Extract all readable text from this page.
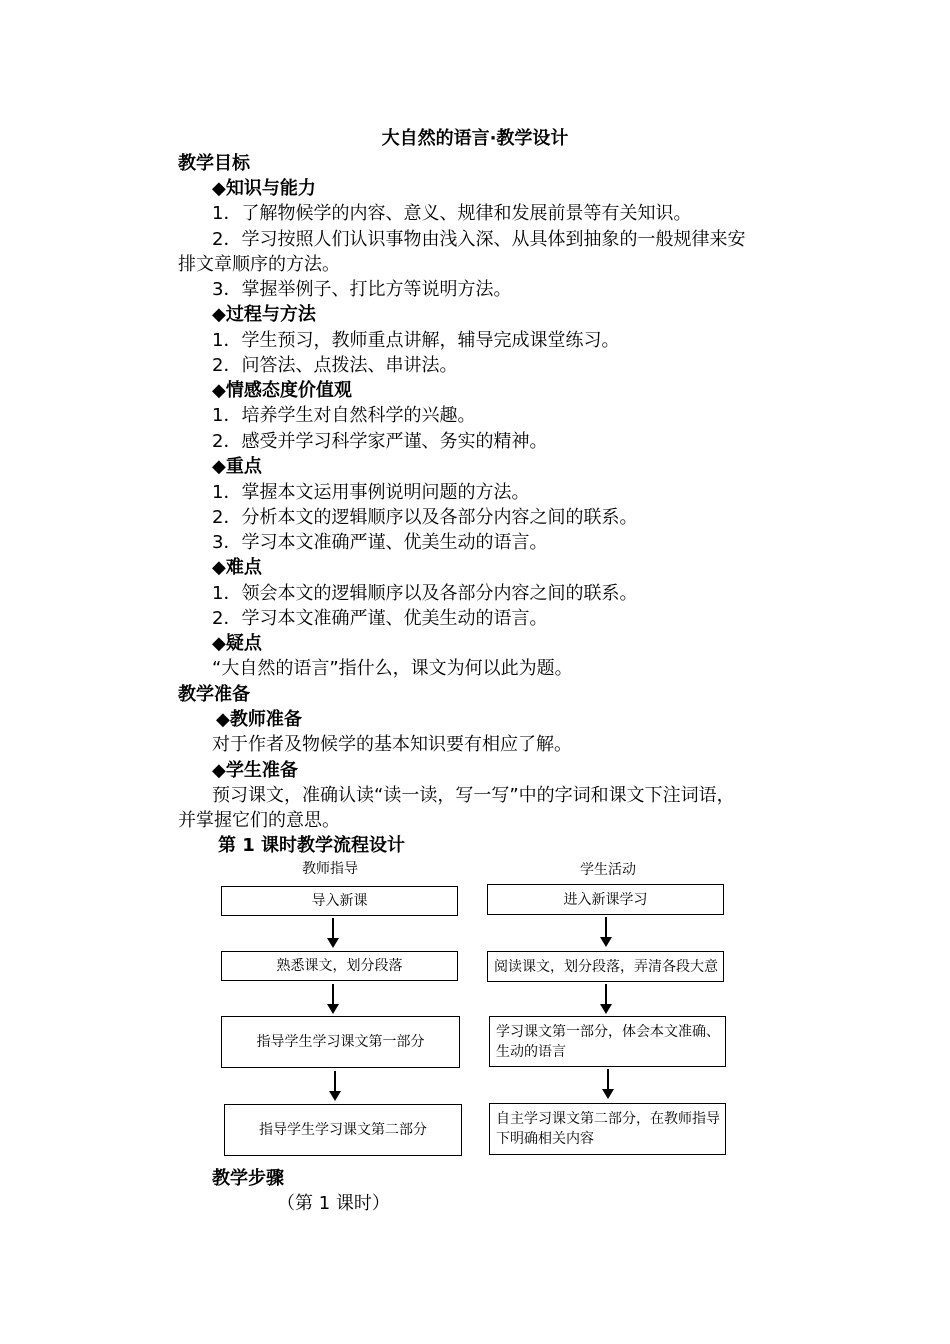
大自然的语言·教学设计
教学目标
◆知识与能力
1．了解物候学的内容、意义、规律和发展前景等有关知识。
2．学习按照人们认识事物由浅入深、从具体到抽象的一般规律来安
排文章顺序的方法。
3．掌握举例子、打比方等说明方法。
◆过程与方法
1．学生预习，教师重点讲解，辅导完成课堂练习。
2．问答法、点拨法、串讲法。
◆情感态度价值观
1．培养学生对自然科学的兴趣。
2．感受并学习科学家严谨、务实的精神。
◆重点
1．掌握本文运用事例说明问题的方法。
2．分析本文的逻辑顺序以及各部分内容之间的联系。
3．学习本文准确严谨、优美生动的语言。
◆难点
1．领会本文的逻辑顺序以及各部分内容之间的联系。
2．学习本文准确严谨、优美生动的语言。
◆疑点
“大自然的语言”指什么，课文为何以此为题。
教学准备
◆教师准备
对于作者及物候学的基本知识要有相应了解。
◆学生准备
预习课文，准确认读“读一读，写一写”中的字词和课文下注词语，
并掌握它们的意思。
第 1 课时教学流程设计
教师指导	学生活动
导入新课
熟悉课文，划分段落
指导学生学习课文第一部分
指导学生学习课文第二部分
进入新课学习
阅读课文，划分段落，弄清各段大意
学习课文第一部分，体会本文准确、生动的语言
自主学习课文第二部分，在教师指导下明确相关内容
教学步骤
（第 1 课时）
